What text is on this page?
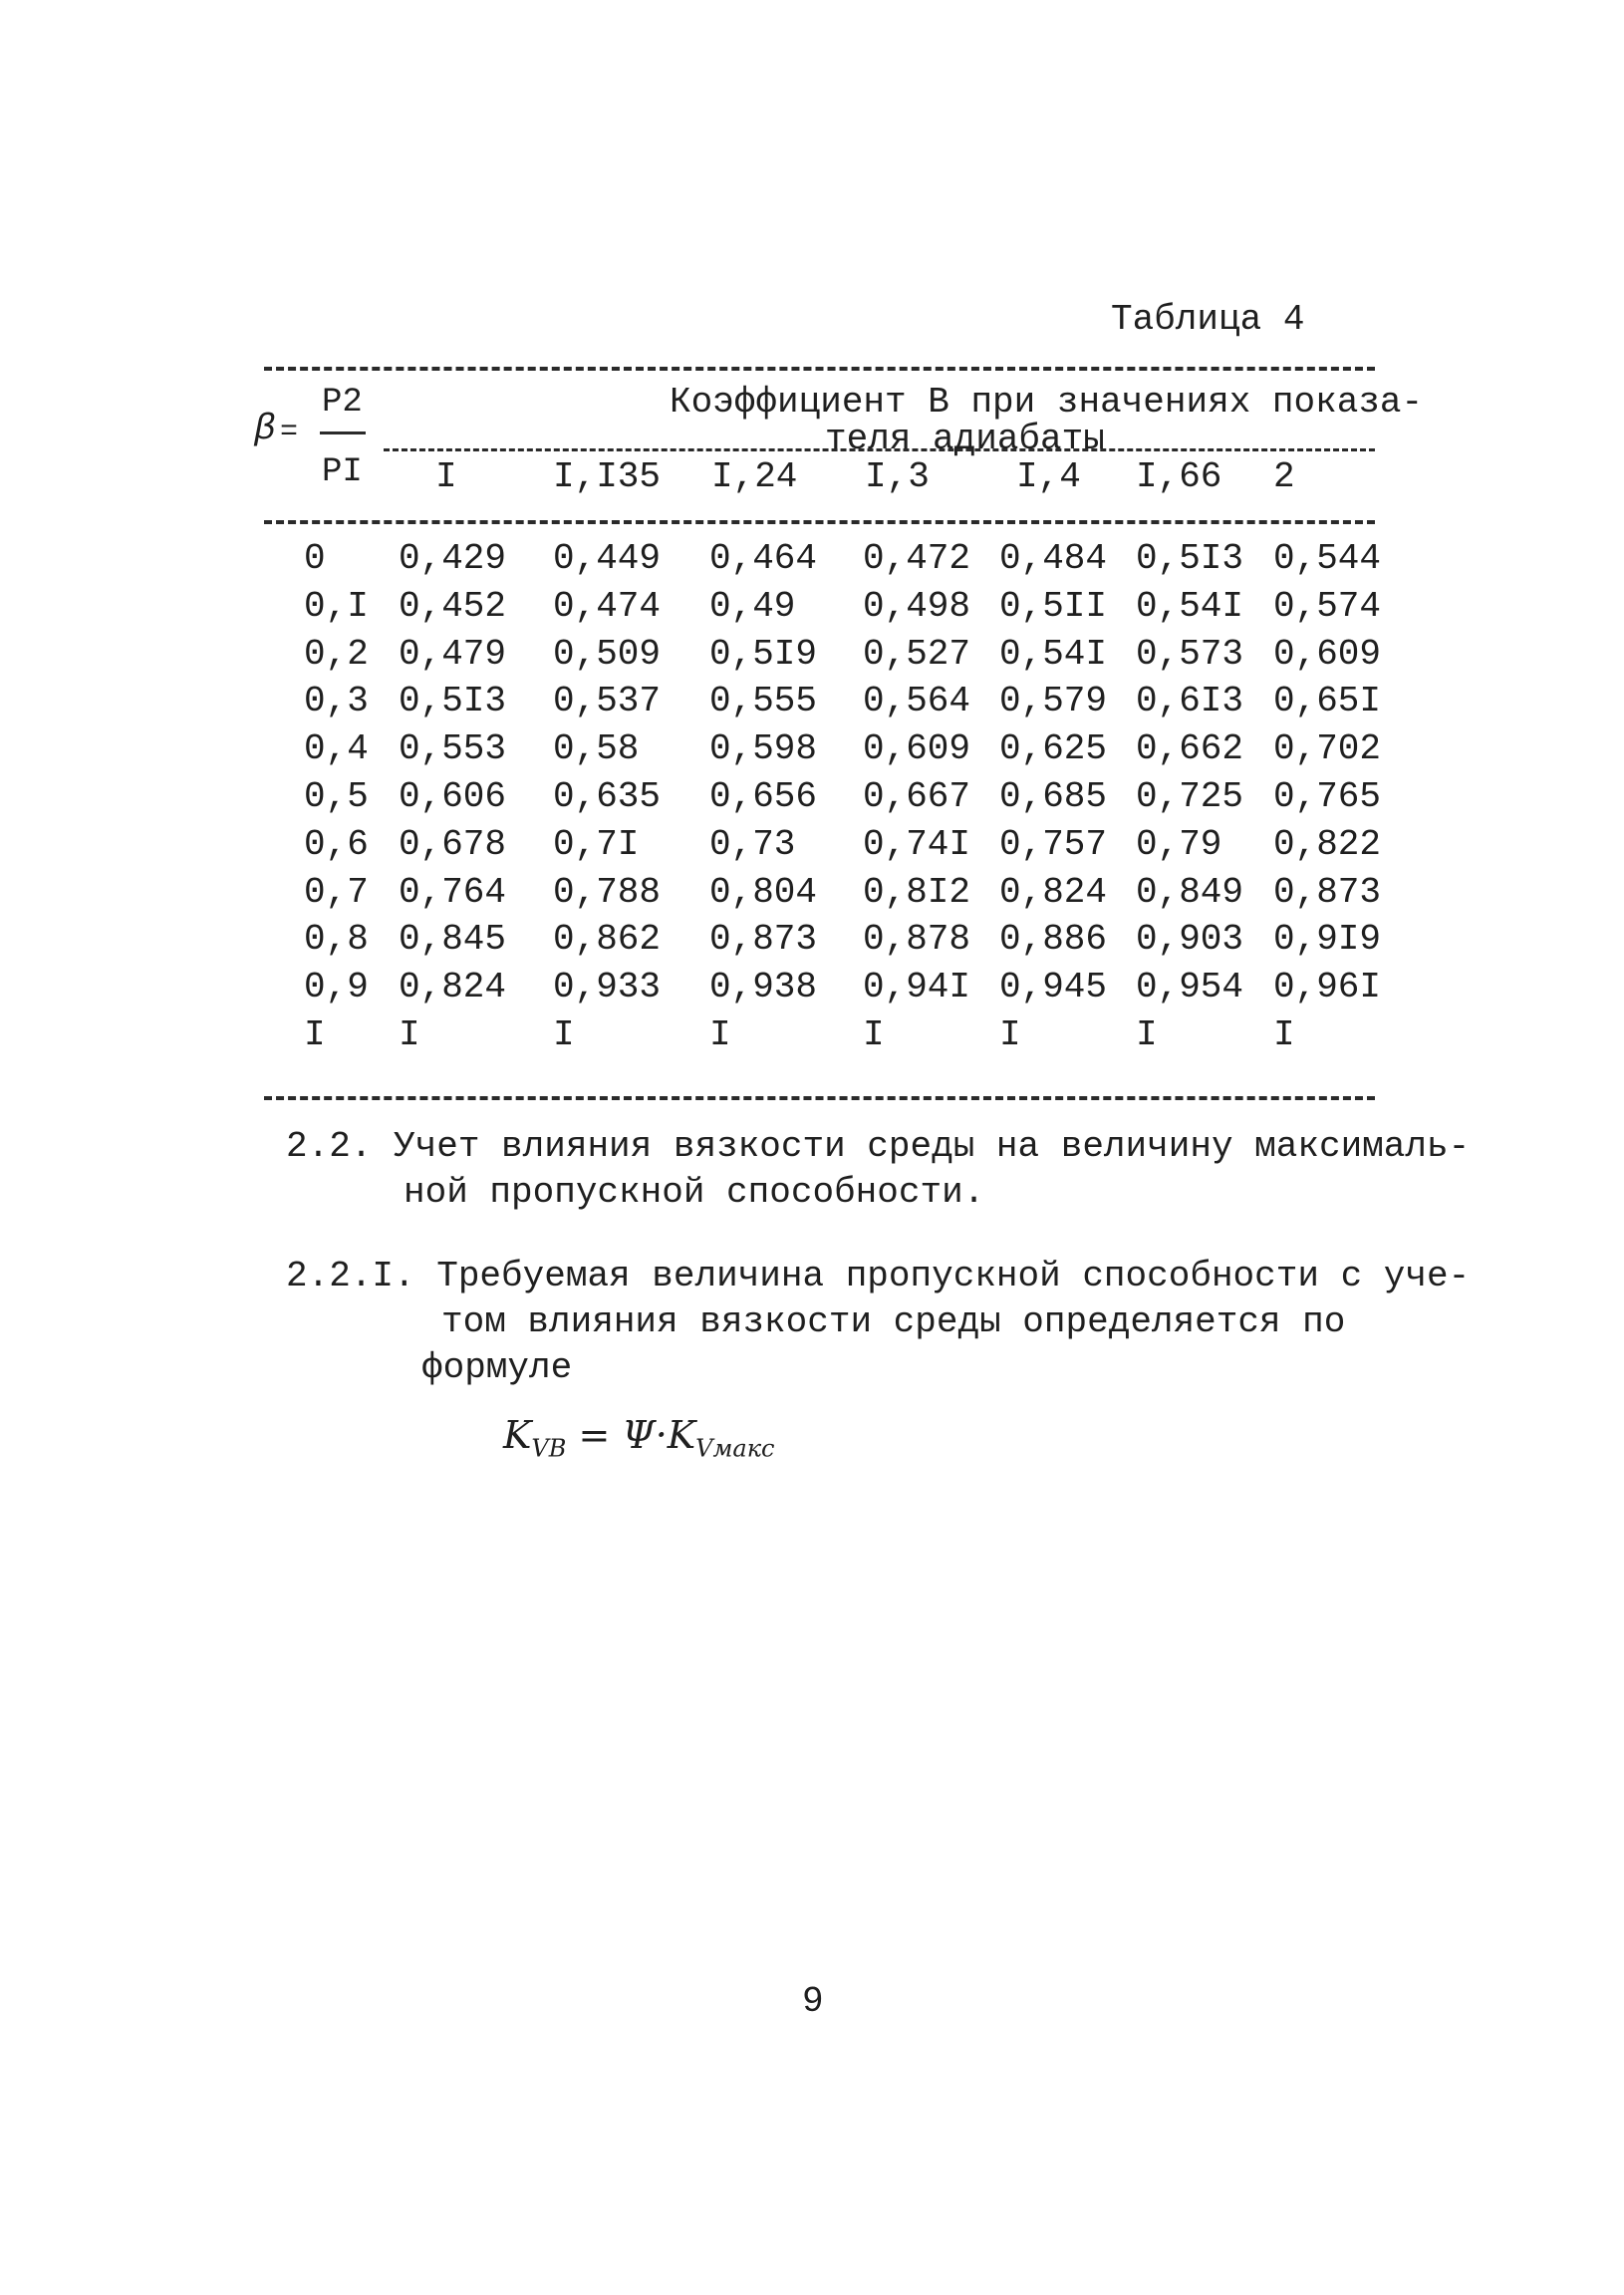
Таблица 4
β =
P2
PI
Коэффициент В при значениях показа-
теля адиабаты
I	I,I35 I,24 I,3 I,4 I,66 2
0 0,429 0,449 0,464 0,472 0,484 0,5I3 0,544
0,I 0,452 0,474 0,49 0,498 0,5II 0,54I 0,574
0,2 0,479 0,509 0,5I9 0,527 0,54I 0,573 0,609
0,3 0,5I3 0,537 0,555 0,564 0,579 0,6I3 0,65I
0,4 0,553 0,58 0,598 0,609 0,625 0,662 0,702
0,5 0,606 0,635 0,656 0,667 0,685 0,725 0,765
0,6 0,678 0,7I 0,73 0,74I 0,757 0,79 0,822
0,7 0,764 0,788 0,804 0,8I2 0,824 0,849 0,873
0,8 0,845 0,862 0,873 0,878 0,886 0,903 0,9I9
0,9 0,824 0,933 0,938 0,94I 0,945 0,954 0,96I
I I	I	I	I	I	I	I
2.2. Учет влияния вязкости среды на величину максималь-
ной пропускной способности.
2.2.I. Требуемая величина пропускной способности с уче-
том влияния вязкости среды определяется по
формуле
$K_{VB} = \Psi\cdot K_{Vмакс}$
9
